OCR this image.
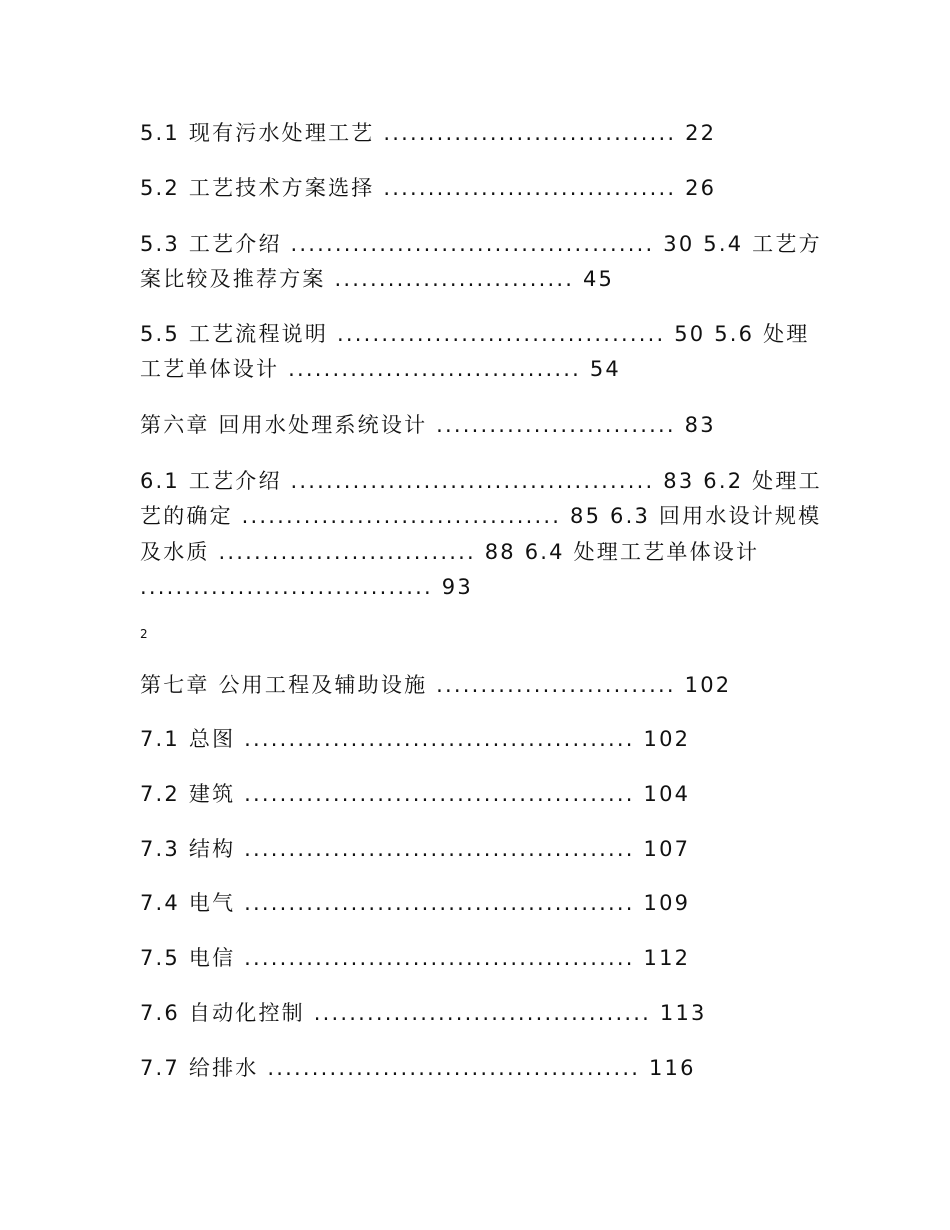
5.1 现有污水处理工艺 ................................. 22
5.2 工艺技术方案选择 ................................. 26
5.3 工艺介绍 ......................................... 30 5.4 工艺方
案比较及推荐方案 ........................... 45
5.5 工艺流程说明 ..................................... 50 5.6 处理
工艺单体设计 ................................. 54
第六章 回用水处理系统设计 ........................... 83
6.1 工艺介绍 ......................................... 83 6.2 处理工
艺的确定 .................................... 85 6.3 回用水设计规模
及水质 ............................. 88 6.4 处理工艺单体设计
................................. 93
2
第七章 公用工程及辅助设施 ........................... 102
7.1 总图 ............................................ 102
7.2 建筑 ............................................ 104
7.3 结构 ............................................ 107
7.4 电气 ............................................ 109
7.5 电信 ............................................ 112
7.6 自动化控制 ...................................... 113
7.7 给排水 .......................................... 116
